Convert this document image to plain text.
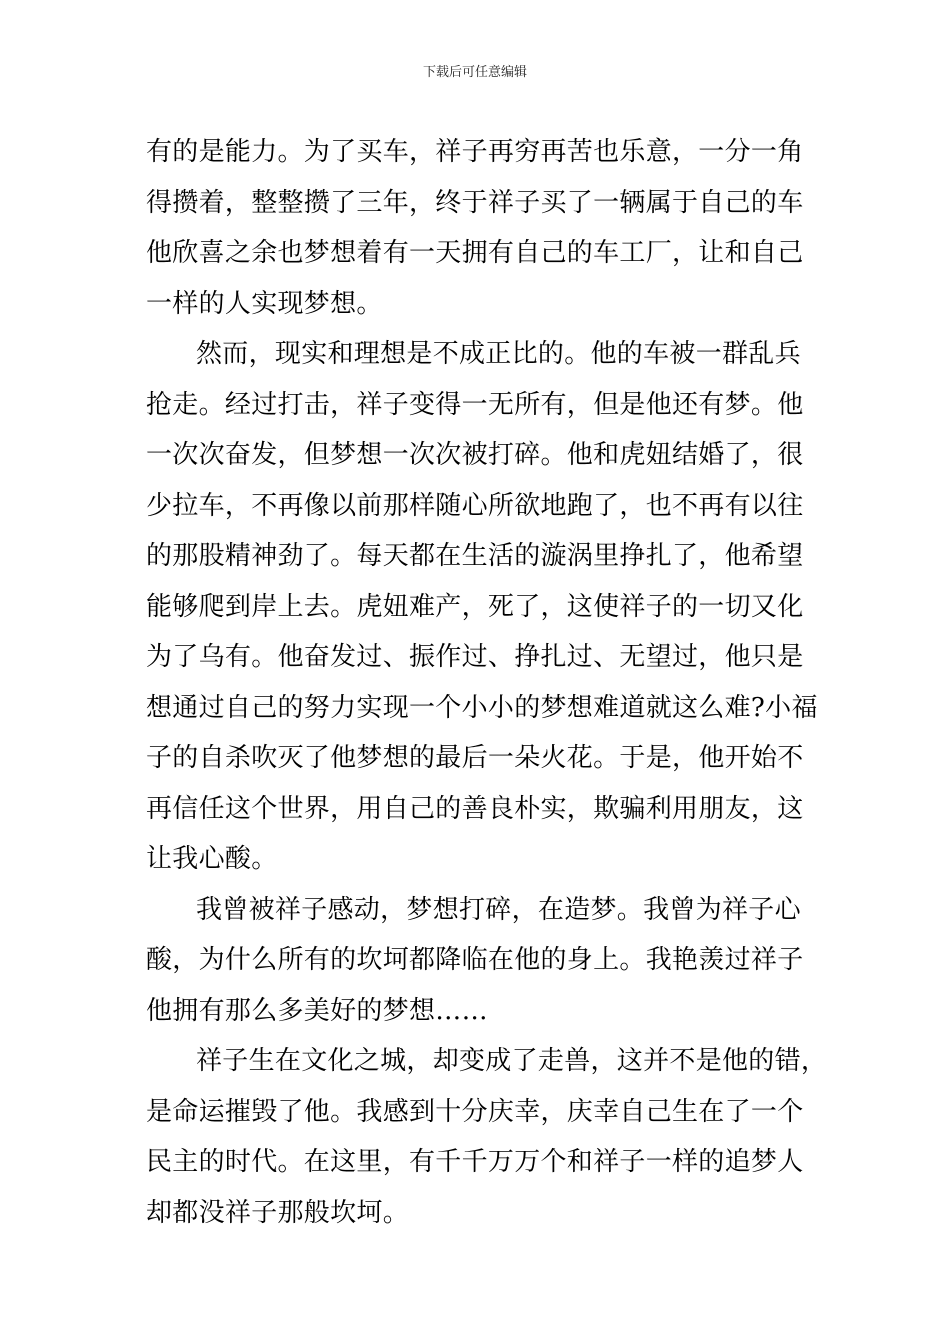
下载后可任意编辑
有的是能力。为了买车，祥子再穷再苦也乐意，一分一角
得攒着，整整攒了三年，终于祥子买了一辆属于自己的车
他欣喜之余也梦想着有一天拥有自己的车工厂，让和自己
一样的人实现梦想。
然而，现实和理想是不成正比的。他的车被一群乱兵
抢走。经过打击，祥子变得一无所有，但是他还有梦。他
一次次奋发，但梦想一次次被打碎。他和虎妞结婚了，很
少拉车，不再像以前那样随心所欲地跑了，也不再有以往
的那股精神劲了。每天都在生活的漩涡里挣扎了，他希望
能够爬到岸上去。虎妞难产，死了，这使祥子的一切又化
为了乌有。他奋发过、振作过、挣扎过、无望过，他只是
想通过自己的努力实现一个小小的梦想难道就这么难?小福
子的自杀吹灭了他梦想的最后一朵火花。于是，他开始不
再信任这个世界，用自己的善良朴实，欺骗利用朋友，这
让我心酸。
我曾被祥子感动，梦想打碎，在造梦。我曾为祥子心
酸，为什么所有的坎坷都降临在他的身上。我艳羡过祥子
他拥有那么多美好的梦想……
祥子生在文化之城，却变成了走兽，这并不是他的错，
是命运摧毁了他。我感到十分庆幸，庆幸自己生在了一个
民主的时代。在这里，有千千万万个和祥子一样的追梦人
却都没祥子那般坎坷。
